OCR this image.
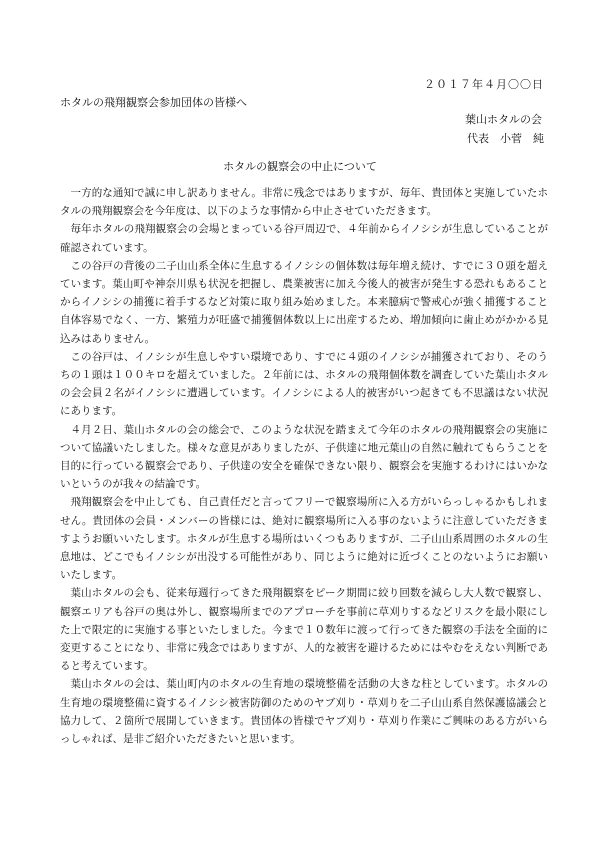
２０１７年４月〇〇日
ホタルの飛翔観察会参加団体の皆様へ
葉山ホタルの会
代表　小菅　純
ホタルの観察会の中止について

一方的な通知で誠に申し訳ありません。非常に残念ではありますが、毎年、貴団体と実施していたホタルの飛翔観察会を今年度は、以下のような事情から中止させていただきます。

毎年ホタルの飛翔観察会の会場とまっている谷戸周辺で、４年前からイノシシが生息していることが確認されています。

この谷戸の背後の二子山山系全体に生息するイノシシの個体数は毎年増え続け、すでに３０頭を超えています。葉山町や神奈川県も状況を把握し、農業被害に加え今後人的被害が発生する恐れもあることからイノシシの捕獲に着手するなど対策に取り組み始めました。本来臆病で警戒心が強く捕獲すること自体容易でなく、一方、繁殖力が旺盛で捕獲個体数以上に出産するため、増加傾向に歯止めがかかる見込みはありません。

この谷戸は、イノシシが生息しやすい環境であり、すでに４頭のイノシシが捕獲されており、そのうちの１頭は１００キロを超えていました。２年前には、ホタルの飛翔個体数を調査していた葉山ホタルの会会員２名がイノシシに遭遇しています。イノシシによる人的被害がいつ起きても不思議はない状況にあります。

４月２日、葉山ホタルの会の総会で、このような状況を踏まえて今年のホタルの飛翔観察会の実施について協議いたしました。様々な意見がありましたが、子供達に地元葉山の自然に触れてもらうことを目的に行っている観察会であり、子供達の安全を確保できない限り、観察会を実施するわけにはいかないというのが我々の結論です。

飛翔観察会を中止しても、自己責任だと言ってフリーで観察場所に入る方がいらっしゃるかもしれません。貴団体の会員・メンバーの皆様には、絶対に観察場所に入る事のないように注意していただきますようお願いいたします。ホタルが生息する場所はいくつもありますが、二子山山系周囲のホタルの生息地は、どこでもイノシシが出没する可能性があり、同じように絶対に近づくことのないようにお願いいたします。

葉山ホタルの会も、従来毎週行ってきた飛翔観察をピーク期間に絞り回数を減らし大人数で観察し、観察エリアも谷戸の奥は外し、観察場所までのアプローチを事前に草刈りするなどリスクを最小限にした上で限定的に実施する事といたしました。今まで１０数年に渡って行ってきた観察の手法を全面的に変更することになり、非常に残念ではありますが、人的な被害を避けるためにはやむをえない判断であると考えています。

葉山ホタルの会は、葉山町内のホタルの生育地の環境整備を活動の大きな柱としています。ホタルの生育地の環境整備に資するイノシシ被害防御のためのヤブ刈り・草刈りを二子山山系自然保護協議会と協力して、２箇所で展開していきます。貴団体の皆様でヤブ刈り・草刈り作業にご興味のある方がいらっしゃれば、是非ご紹介いただきたいと思います。
